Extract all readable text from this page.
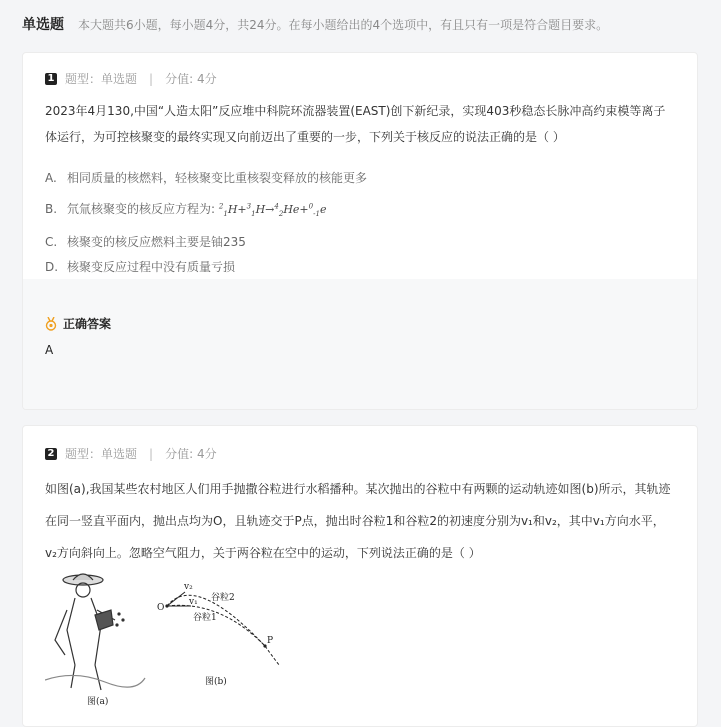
单选题 本大题共6小题，每小题4分，共24分。在每小题给出的4个选项中，有且只有一项是符合题目要求。
1 题型： 单选题 | 分值:
4分
2023年4月130,中国“人造太阳”反应堆中科院环流器装置(EAST)创下新纪录，实现403秒稳态长脉冲高约束模等离子体运行，为可控核聚变的最终实现又向前迈出了重要的一步，下列关于核反应的说法正确的是（ ）
A. 相同质量的核燃料，轻核聚变比重核裂变释放的核能更多
B. 氘氚核聚变的核反应方程为: $^2_1$H+$^3_1$H→$^4_2$He+$^0_{-1}$e
C. 核聚变的核反应燃料主要是铀235
D. 核聚变反应过程中没有质量亏损
正确答案
A
2 题型： 单选题 | 分值:
4分
如图(a),我国某些农村地区人们用手抛撒谷粒进行水稻播种。某次抛出的谷粒中有两颗的运动轨迹如图(b)所示，其轨迹在同一竖直平面内，抛出点均为O，且轨迹交于P点，抛出时谷粒1和谷粒2的初速度分别为v₁和v₂，其中v₁方向水平，v₂方向斜向上。忽略空气阻力，关于两谷粒在空中的运动，下列说法正确的是（ ）
O
v₂
v₁ 谷粒2
谷粒1
P
图(a)
图(b)
